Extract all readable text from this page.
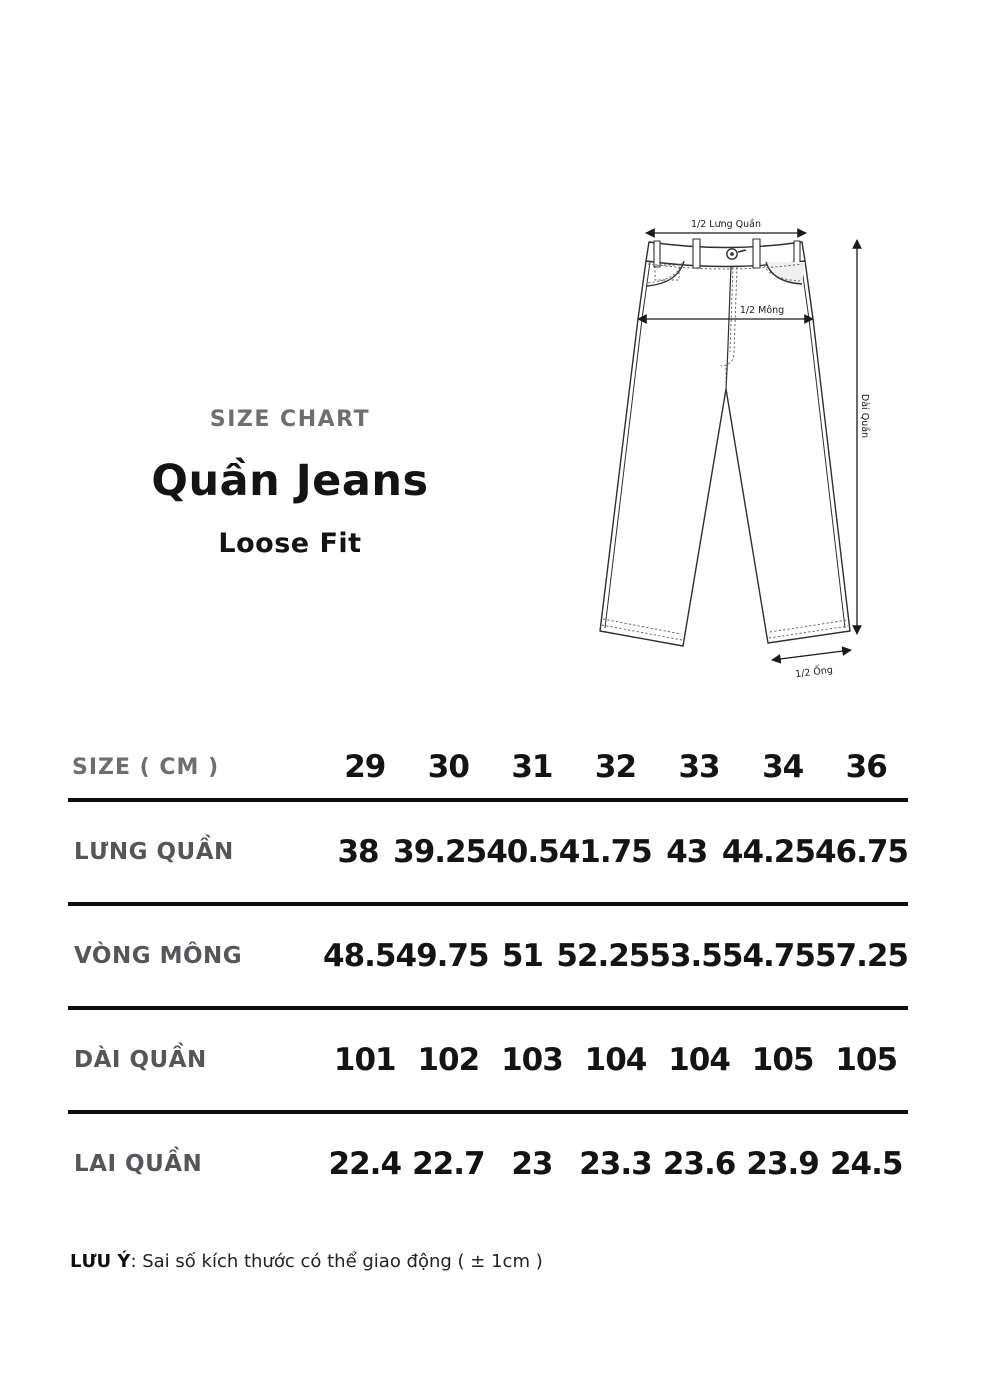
SIZE CHART
Quần Jeans
Loose Fit
1/2 Lưng Quần
1/2 Mông
Dài Quần
1/2 Ống
SIZE ( CM )	29	30	31	32	33	34	36
LƯNG QUẦN	38 39.25 40.5 41.75 43 44.25 46.75
VÒNG MÔNG	48.5 49.75 51 52.25 53.5 54.75 57.25
DÀI QUẦN	101 102 103 104 104 105 105
LAI QUẦN	22.4 22.7 23 23.3 23.6 23.9 24.5

LƯU Ý: Sai số kích thước có thể giao động ( ± 1cm )
